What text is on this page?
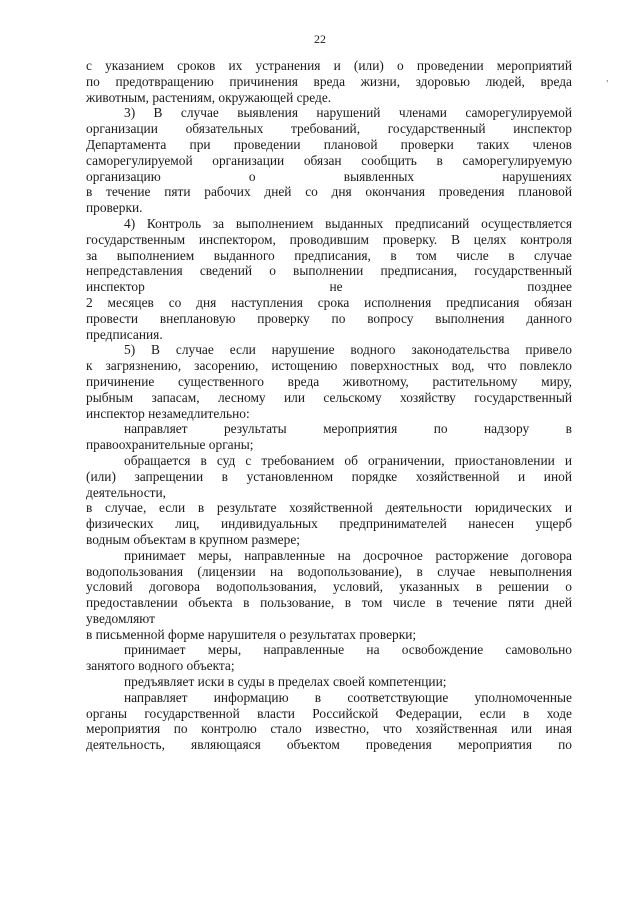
22
,
с указанием сроков их устранения и (или) о проведении мероприятий
по предотвращению причинения вреда жизни, здоровью людей, вреда
животным, растениям, окружающей среде.
3) В случае выявления нарушений членами саморегулируемой
организации обязательных требований, государственный инспектор
Департамента при проведении плановой проверки таких членов
саморегулируемой организации обязан сообщить в саморегулируемую
организацию о выявленных нарушениях
в течение пяти рабочих дней со дня окончания проведения плановой
проверки.
4) Контроль за выполнением выданных предписаний осуществляется
государственным инспектором, проводившим проверку. В целях контроля
за выполнением выданного предписания, в том числе в случае
непредставления сведений о выполнении предписания, государственный
инспектор не позднее
2 месяцев со дня наступления срока исполнения предписания обязан
провести внеплановую проверку по вопросу выполнения данного
предписания.
5) В случае если нарушение водного законодательства привело
к загрязнению, засорению, истощению поверхностных вод, что повлекло
причинение существенного вреда животному, растительному миру,
рыбным запасам, лесному или сельскому хозяйству государственный
инспектор незамедлительно:
направляет результаты мероприятия по надзору в
правоохранительные органы;
обращается в суд с требованием об ограничении, приостановлении и
(или) запрещении в установленном порядке хозяйственной и иной
деятельности,
в случае, если в результате хозяйственной деятельности юридических и
физических лиц, индивидуальных предпринимателей нанесен ущерб
водным объектам в крупном размере;
принимает меры, направленные на досрочное расторжение договора
водопользования (лицензии на водопользование), в случае невыполнения
условий договора водопользования, условий, указанных в решении о
предоставлении объекта в пользование, в том числе в течение пяти дней
уведомляют
в письменной форме нарушителя о результатах проверки;
принимает меры, направленные на освобождение самовольно
занятого водного объекта;
предъявляет иски в суды в пределах своей компетенции;
направляет информацию в соответствующие уполномоченные
органы государственной власти Российской Федерации, если в ходе
мероприятия по контролю стало известно, что хозяйственная или иная
деятельность, являющаяся объектом проведения мероприятия по
